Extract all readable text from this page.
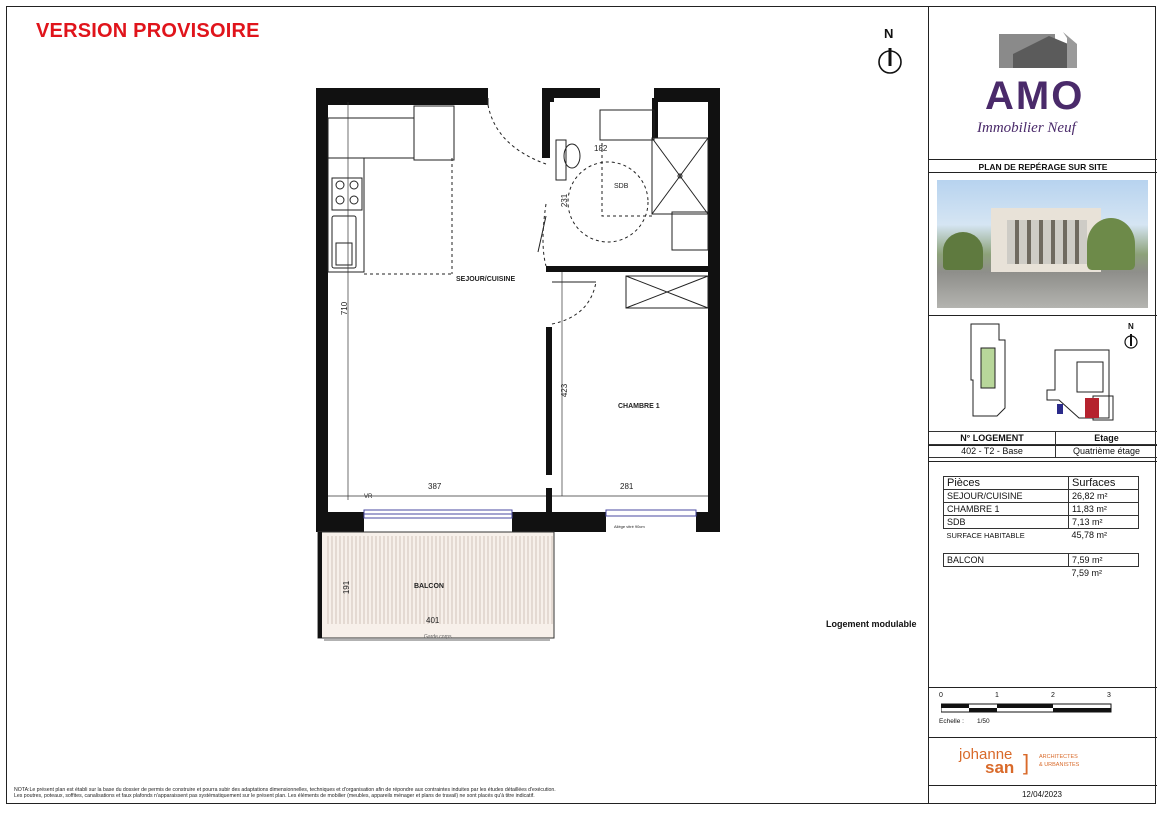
VERSION PROVISOIRE	N
SEJOUR/CUISINE
SDB
CHAMBRE 1
BALCON
710
387	281
423
231
182
191
401
VR
Allège vitré 90cm
Garde corps
Logement modulable
NOTA:Le présent plan est établi sur la base du dossier de permis de construire et pourra subir des adaptations dimensionnelles, techniques et d'organisation afin de répondre aux contraintes induites par les études détaillées d'exécution.
Les poutres, poteaux, soffites, canalisations et faux plafonds n'apparaissent pas systématiquement sur le présent plan. Les éléments de mobilier (meubles, appareils ménager et plans de travail) ne sont placés qu'à titre indicatif.
AMO
Immobilier Neuf
PLAN DE REPÉRAGE SUR SITE
N
N° LOGEMENT	Etage
402 - T2 - Base	Quatrième étage
Pièces	Surfaces
SEJOUR/CUISINE	26,82 m²
CHAMBRE 1	11,83 m²
SDB	7,13 m²
SURFACE HABITABLE	45,78 m²

BALCON	7,59 m²
	7,59 m²
0	1	2	3
Echelle : 1/50
johanne
san ] ARCHITECTES
& URBANISTES
12/04/2023
